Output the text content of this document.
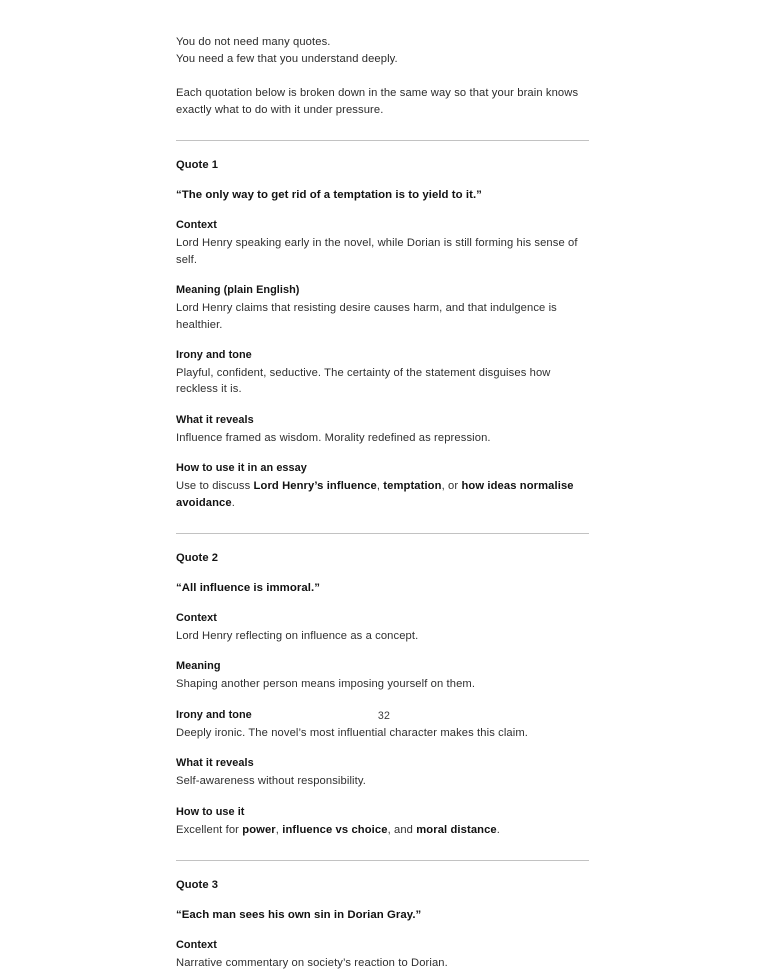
You do not need many quotes.

You need a few that you understand deeply.

Each quotation below is broken down in the same way so that your brain knows exactly what to do with it under pressure.

Quote 1
“The only way to get rid of a temptation is to yield to it.”
Context
Lord Henry speaking early in the novel, while Dorian is still forming his sense of self.
Meaning (plain English)
Lord Henry claims that resisting desire causes harm, and that indulgence is healthier.
Irony and tone
Playful, confident, seductive. The certainty of the statement disguises how reckless it is.
What it reveals
Influence framed as wisdom. Morality redefined as repression.
How to use it in an essay
Use to discuss Lord Henry’s influence, temptation, or how ideas normalise avoidance.
Quote 2
“All influence is immoral.”
Context
Lord Henry reflecting on influence as a concept.
Meaning
Shaping another person means imposing yourself on them.
Irony and tone
Deeply ironic. The novel’s most influential character makes this claim.
What it reveals
Self-awareness without responsibility.
How to use it
Excellent for power, influence vs choice, and moral distance.
Quote 3
“Each man sees his own sin in Dorian Gray.”
Context
Narrative commentary on society’s reaction to Dorian.
32
